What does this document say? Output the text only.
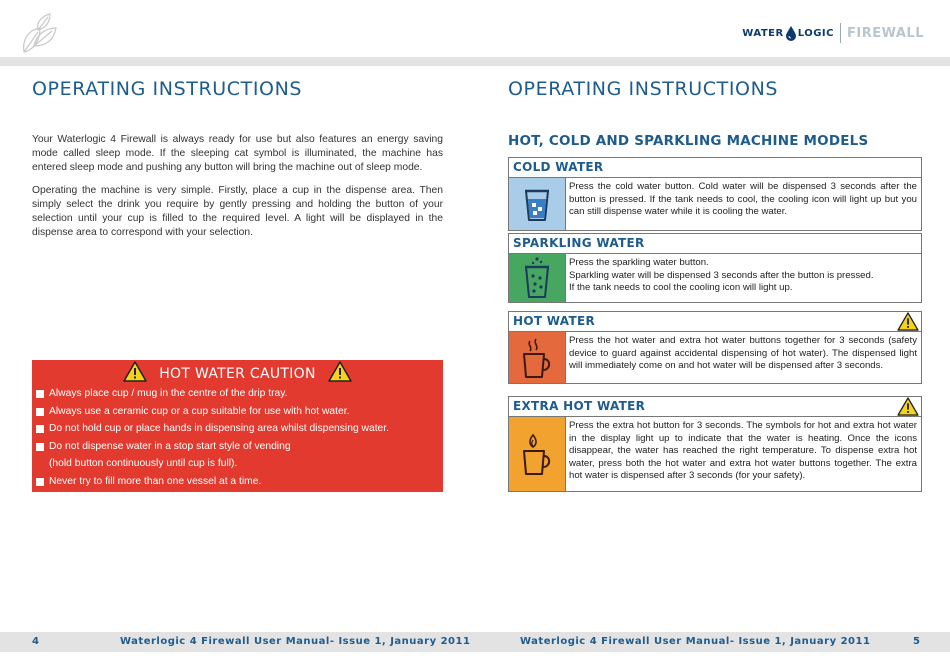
WATER LOGIC FIREWALL
OPERATING INSTRUCTIONS

Your Waterlogic 4 Firewall is always ready for use but also features an energy saving mode called sleep mode. If the sleeping cat symbol is illuminated, the machine has entered sleep mode and pushing any button will bring the machine out of sleep mode.

Operating the machine is very simple. Firstly, place a cup in the dispense area. Then simply select the drink you require by gently pressing and holding the button of your selection until your cup is filled to the required level. A light will be displayed in the dispense area to correspond with your selection.

HOT WATER CAUTION
Always place cup / mug in the centre of the drip tray.
Always use a ceramic cup or a cup suitable for use with hot water.
Do not hold cup or place hands in dispensing area whilst dispensing water.
Do not dispense water in a stop start style of vending
(hold button continuously until cup is full).
Never try to fill more than one vessel at a time.
OPERATING INSTRUCTIONS
HOT, COLD AND SPARKLING MACHINE MODELS
COLD WATER
Press the cold water button. Cold water will be dispensed 3 seconds after the button is pressed. If the tank needs to cool, the cooling icon will light up but you can still dispense water while it is cooling the water.
SPARKLING WATER
Press the sparkling water button.
Sparkling water will be dispensed 3 seconds after the button is pressed.
If the tank needs to cool the cooling icon will light up.
HOT WATER
Press the hot water and extra hot water buttons together for 3 seconds (safety device to guard against accidental dispensing of hot water). The dispensed light will immediately come on and hot water will be dispensed after 3 seconds.
EXTRA HOT WATER
Press the extra hot button for 3 seconds. The symbols for hot and extra hot water in the display light up to indicate that the water is heating. Once the icons disappear, the water has reached the right temperature. To dispense extra hot water, press both the hot water and extra hot water buttons together. The extra hot water is dispensed after 3 seconds (for your safety).
4	Waterlogic 4 Firewall User Manual- Issue 1, January 2011	Waterlogic 4 Firewall User Manual- Issue 1, January 2011	5
